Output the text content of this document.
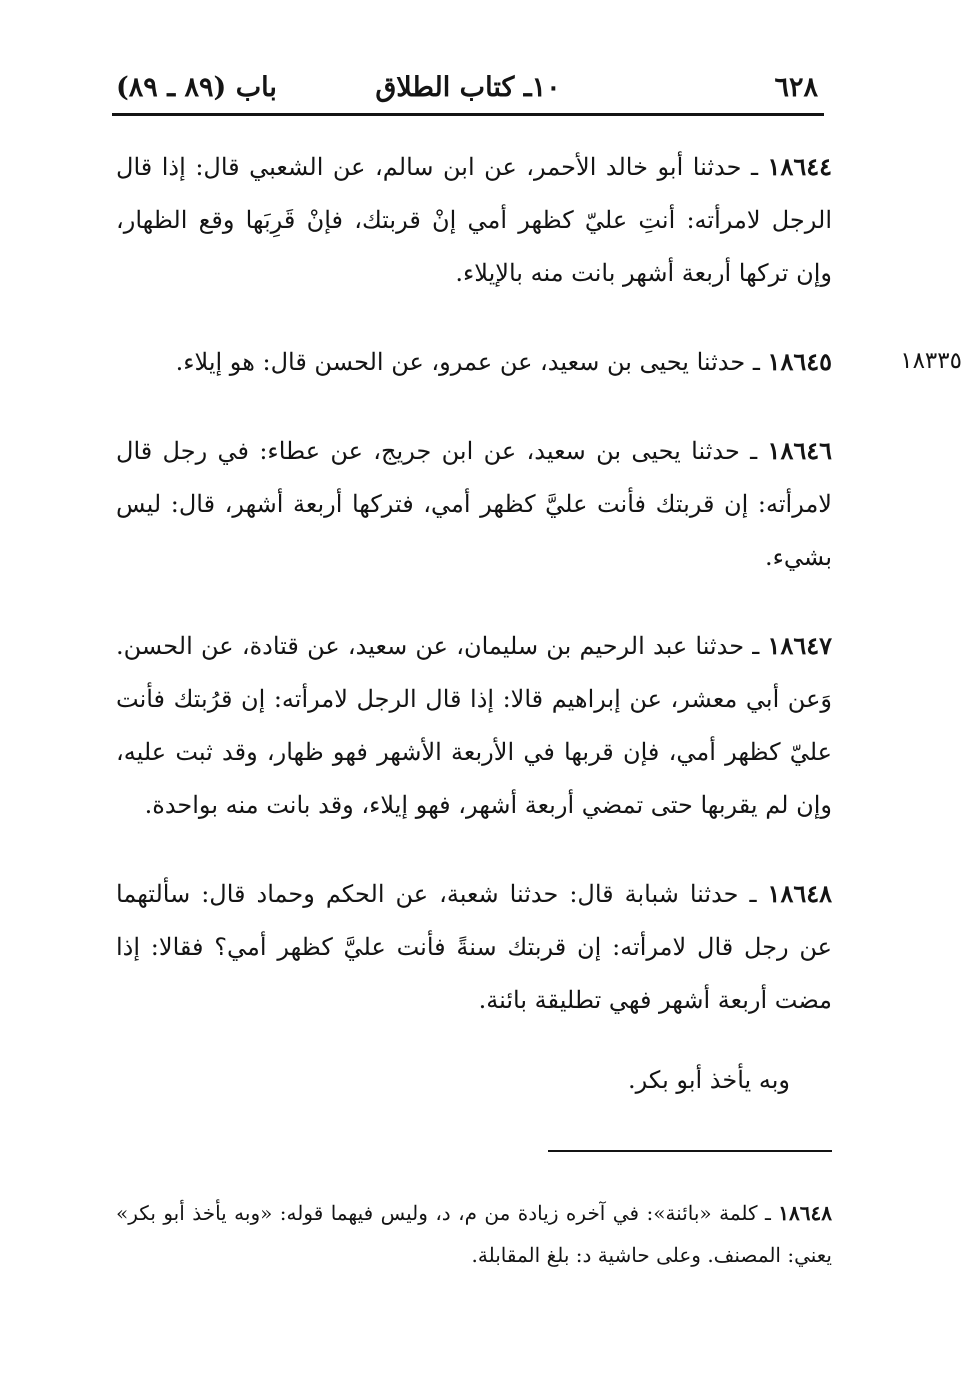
٦٢٨
١٠ـ كتاب الطلاق
باب (٨٩ ـ ٨٩)

١٨٦٤٤ ـ حدثنا أبو خالد الأحمر، عن ابن سالم، عن الشعبي قال: إذا قال الرجل لامرأته: أنتِ عليّ كظهر أمي إنْ قربتك، فإنْ قَرِبَها وقع الظهار، وإن تركها أربعة أشهر بانت منه بالإيلاء.

١٨٣٣٥
١٨٦٤٥ ـ حدثنا يحيى بن سعيد، عن عمرو، عن الحسن قال: هو إيلاء.

١٨٦٤٦ ـ حدثنا يحيى بن سعيد، عن ابن جريج، عن عطاء: في رجل قال لامرأته: إن قربتك فأنت عليَّ كظهر أمي، فتركها أربعة أشهر، قال: ليس بشيء.

١٨٦٤٧ ـ حدثنا عبد الرحيم بن سليمان، عن سعيد، عن قتادة، عن الحسن. وَعن أبي معشر، عن إبراهيم قالا: إذا قال الرجل لامرأته: إن قرُبتك فأنت عليّ كظهر أمي، فإن قربها في الأربعة الأشهر فهو ظهار، وقد ثبت عليه، وإن لم يقربها حتى تمضي أربعة أشهر، فهو إيلاء، وقد بانت منه بواحدة.

١٨٦٤٨ ـ حدثنا شبابة قال: حدثنا شعبة، عن الحكم وحماد قال: سألتهما عن رجل قال لامرأته: إن قربتك سنةً فأنت عليَّ كظهر أمي؟ فقالا: إذا مضت أربعة أشهر فهي تطليقة بائنة.

وبه يأخذ أبو بكر.

١٨٦٤٨ ـ كلمة «بائنة»: في آخره زيادة من م، د، وليس فيهما قوله: «وبه يأخذ أبو بكر» يعني: المصنف. وعلى حاشية د: بلغ المقابلة.
